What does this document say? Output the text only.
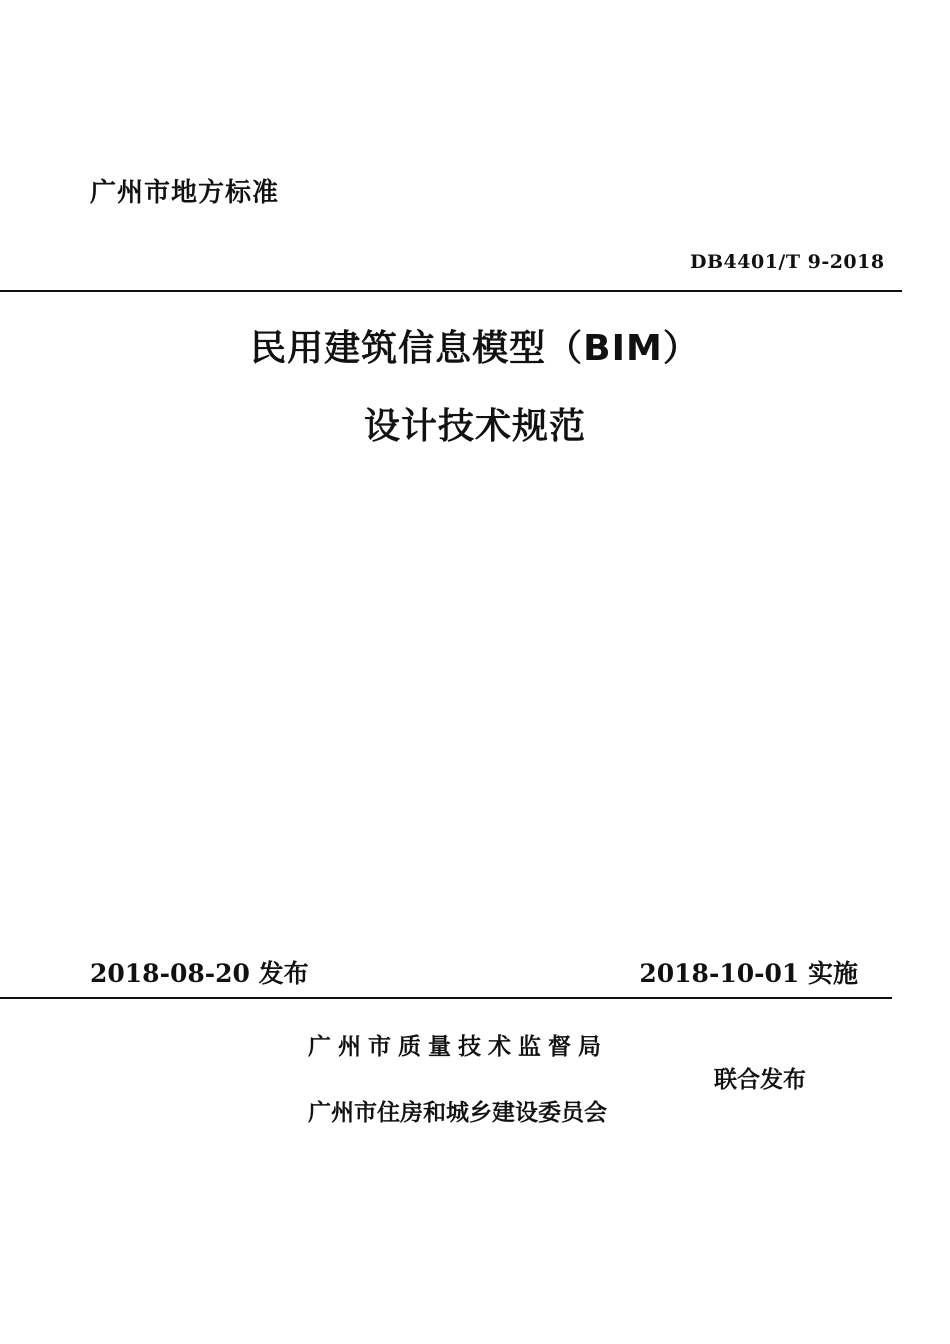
广州市地方标准
DB4401/T 9-2018
民用建筑信息模型（BIM）
设计技术规范
2018-08-20 发布	2018-10-01 实施
广州市质量技术监督局
联合发布
广州市住房和城乡建设委员会
